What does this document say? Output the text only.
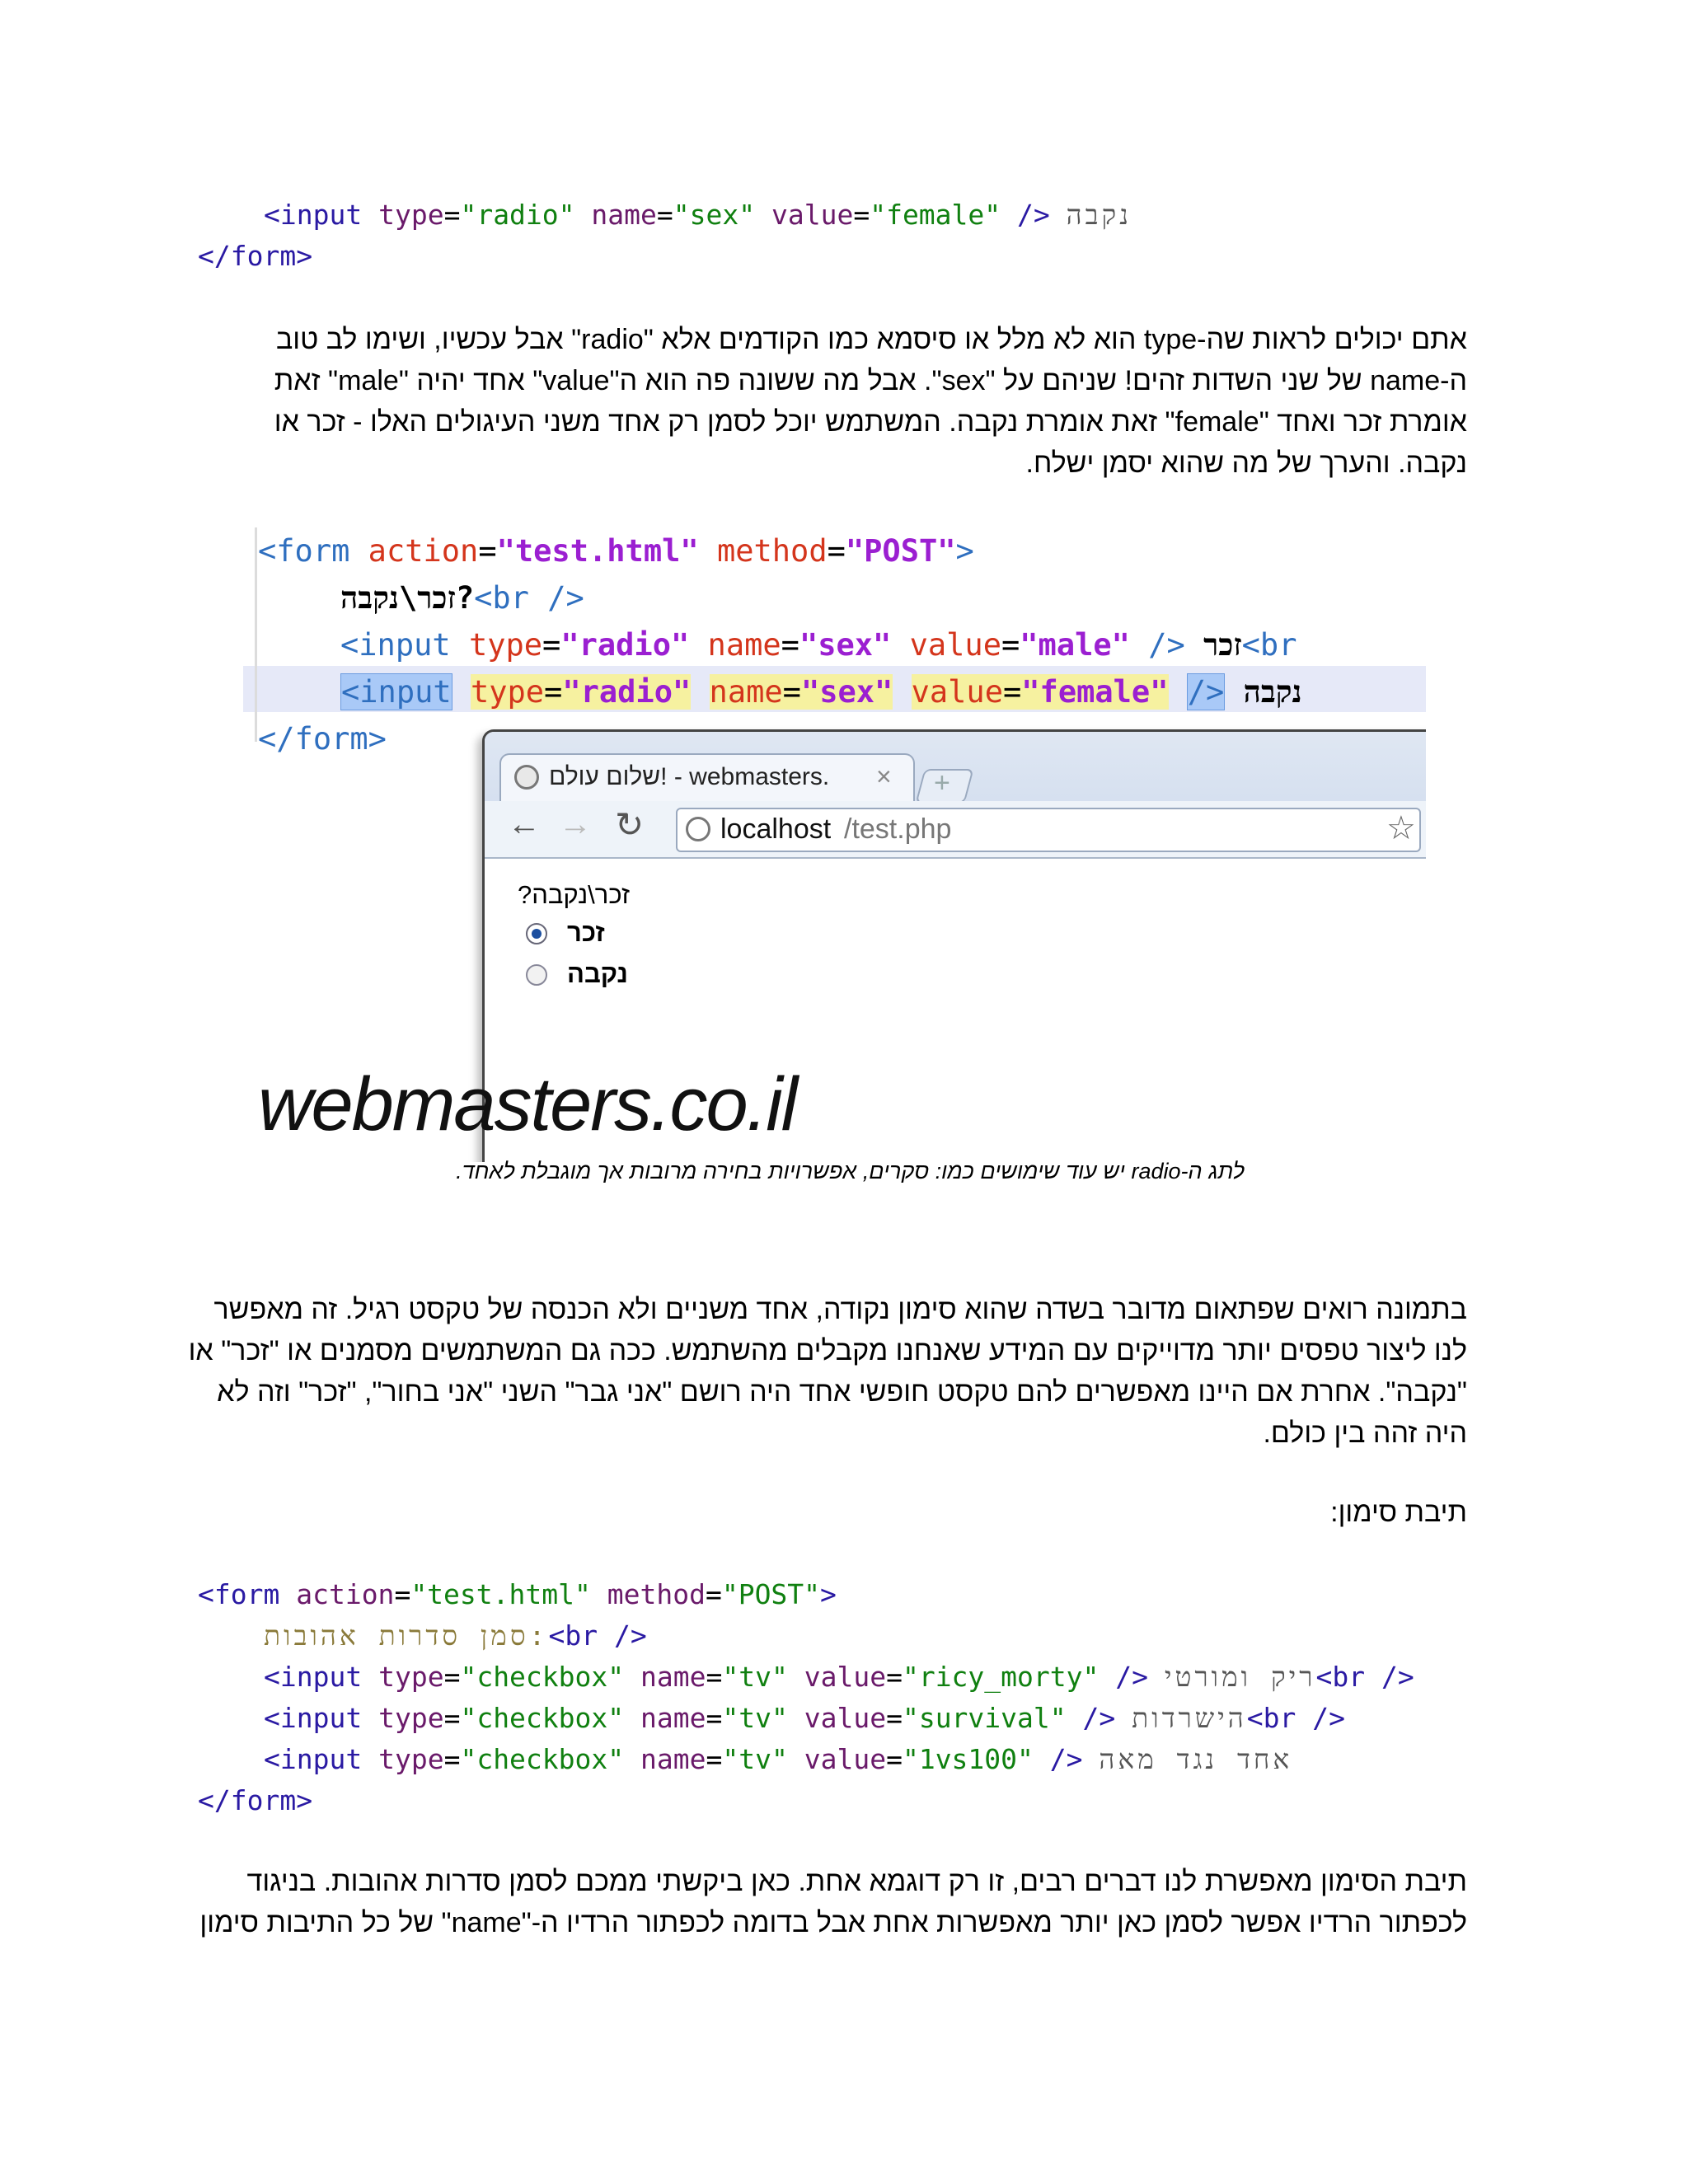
<input type="radio" name="sex" value="female" /> נקבה
</form>
אתם יכולים לראות שה-type הוא לא מלל או סיסמא כמו הקודמים אלא "radio" אבל עכשיו, ושימו לב טוב
ה-name של שני השדות זהים! שניהם על "sex". אבל מה ששונה פה הוא ה"value" אחד יהיה "male" זאת
אומרת זכר ואחד "female" זאת אומרת נקבה. המשתמש יוכל לסמן רק אחד משני העיגולים האלו - זכר או
נקבה. והערך של מה שהוא יסמן ישלח.
<form action="test.html" method="POST">
זכר\נקבה?<br />
<input type="radio" name="sex" value="male" /> זכר<br
<input type="radio" name="sex" value="female" /> נקבה
</form>
שלום עולם! - webmasters. × +
← → ↻	localhost /test.php	☆
זכר\נקבה?
זכר
נקבה
webmasters.co.il
לתג ה-radio יש עוד שימושים כמו: סקרים, אפשרויות בחירה מרובות אך מוגבלת לאחד.
בתמונה רואים שפתאום מדובר בשדה שהוא סימון נקודה, אחד משניים ולא הכנסה של טקסט רגיל. זה מאפשר
לנו ליצור טפסים יותר מדוייקים עם המידע שאנחנו מקבלים מהשתמש. ככה גם המשתמשים מסמנים או "זכר" או
"נקבה". אחרת אם היינו מאפשרים להם טקסט חופשי אחד היה רושם "אני גבר" השני "אני בחור", "זכר" וזה לא
היה זהה בין כולם.
תיבת סימון:
<form action="test.html" method="POST">
סמן סדרות אהובות:<br />
<input type="checkbox" name="tv" value="ricy_morty" /> ריק ומורטי<br />
<input type="checkbox" name="tv" value="survival" /> הישרדות<br />
<input type="checkbox" name="tv" value="1vs100" /> אחד נגד מאה
</form>
תיבת הסימון מאפשרת לנו דברים רבים, זו רק דוגמא אחת. כאן ביקשתי ממכם לסמן סדרות אהובות. בניגוד
לכפתור הרדיו אפשר לסמן כאן יותר מאפשרות אחת אבל בדומה לכפתור הרדיו ה-"name" של כל התיבות סימון
